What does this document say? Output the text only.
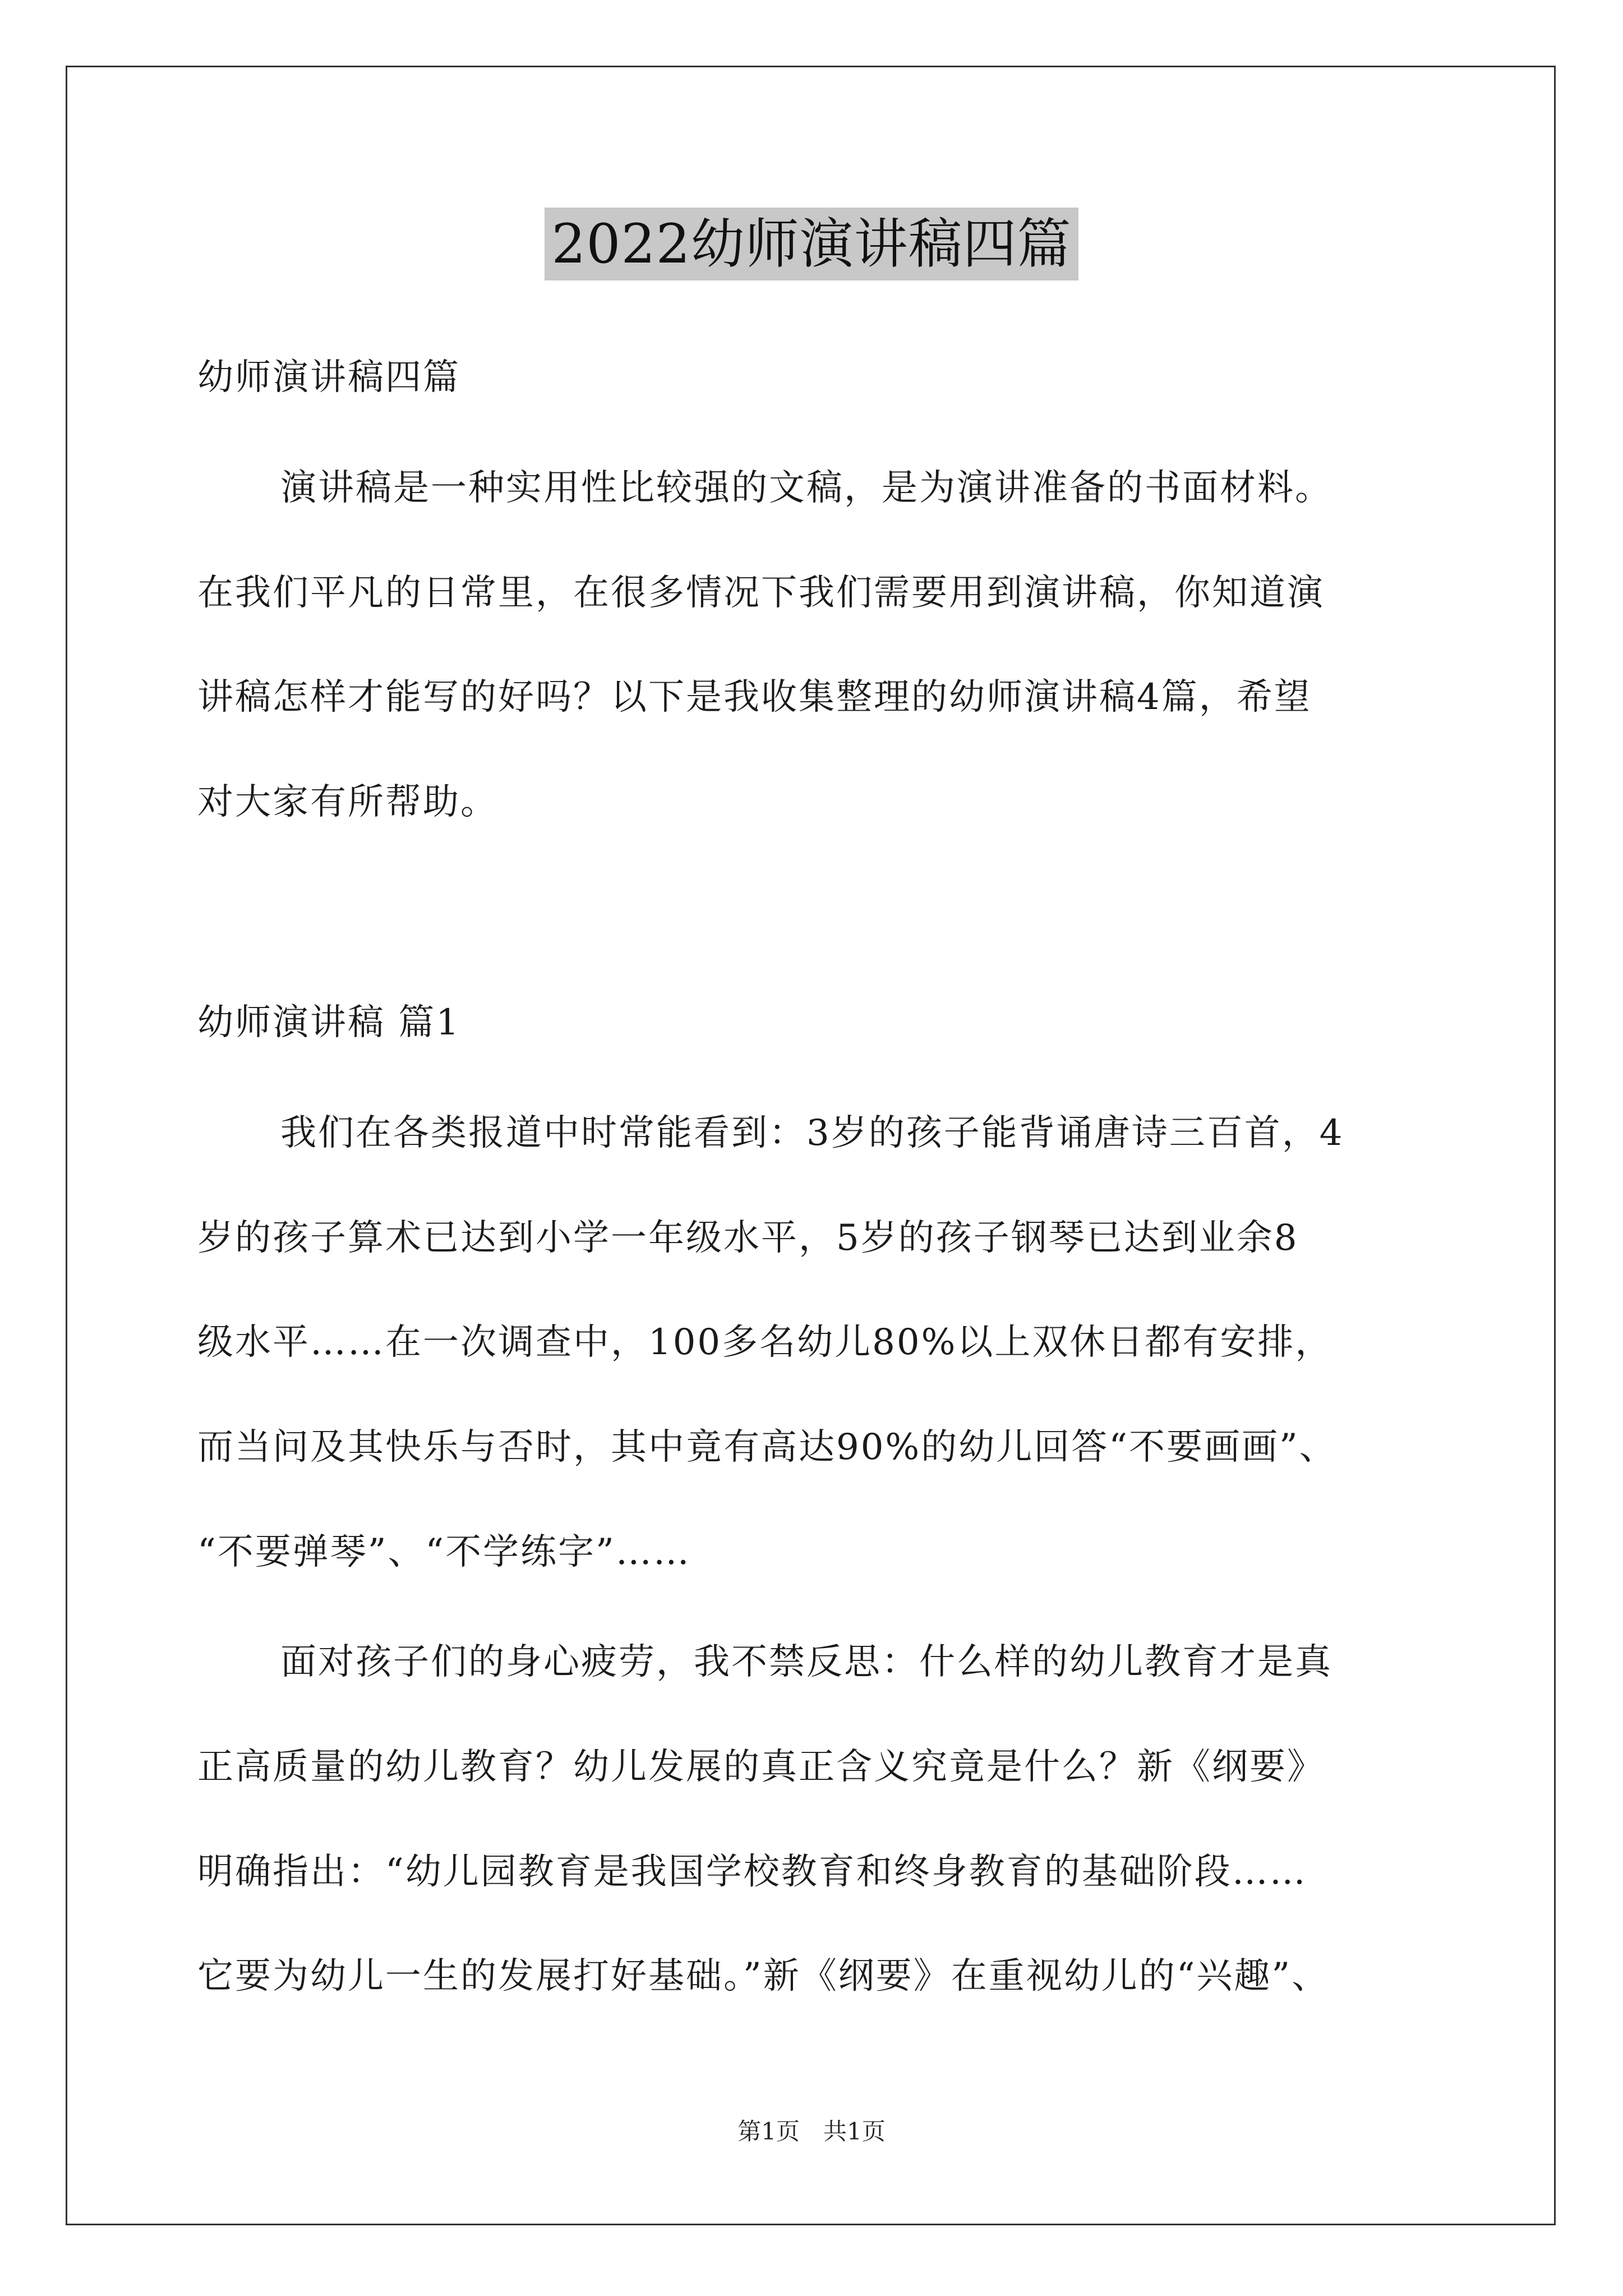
2022幼师演讲稿四篇
幼师演讲稿四篇
演讲稿是一种实用性比较强的文稿，是为演讲准备的书面材料。
在我们平凡的日常里，在很多情况下我们需要用到演讲稿，你知道演
讲稿怎样才能写的好吗？以下是我收集整理的幼师演讲稿4篇，希望
对大家有所帮助。
幼师演讲稿 篇1
我们在各类报道中时常能看到：3岁的孩子能背诵唐诗三百首，4
岁的孩子算术已达到小学一年级水平，5岁的孩子钢琴已达到业余8
级水平……在一次调查中，100多名幼儿80%以上双休日都有安排，
而当问及其快乐与否时，其中竟有高达90%的幼儿回答“不要画画”、
“不要弹琴”、“不学练字”……
面对孩子们的身心疲劳，我不禁反思：什么样的幼儿教育才是真
正高质量的幼儿教育？幼儿发展的真正含义究竟是什么？新《纲要》
明确指出：“幼儿园教育是我国学校教育和终身教育的基础阶段……
它要为幼儿一生的发展打好基础。”新《纲要》在重视幼儿的“兴趣”、
第1页　共1页
